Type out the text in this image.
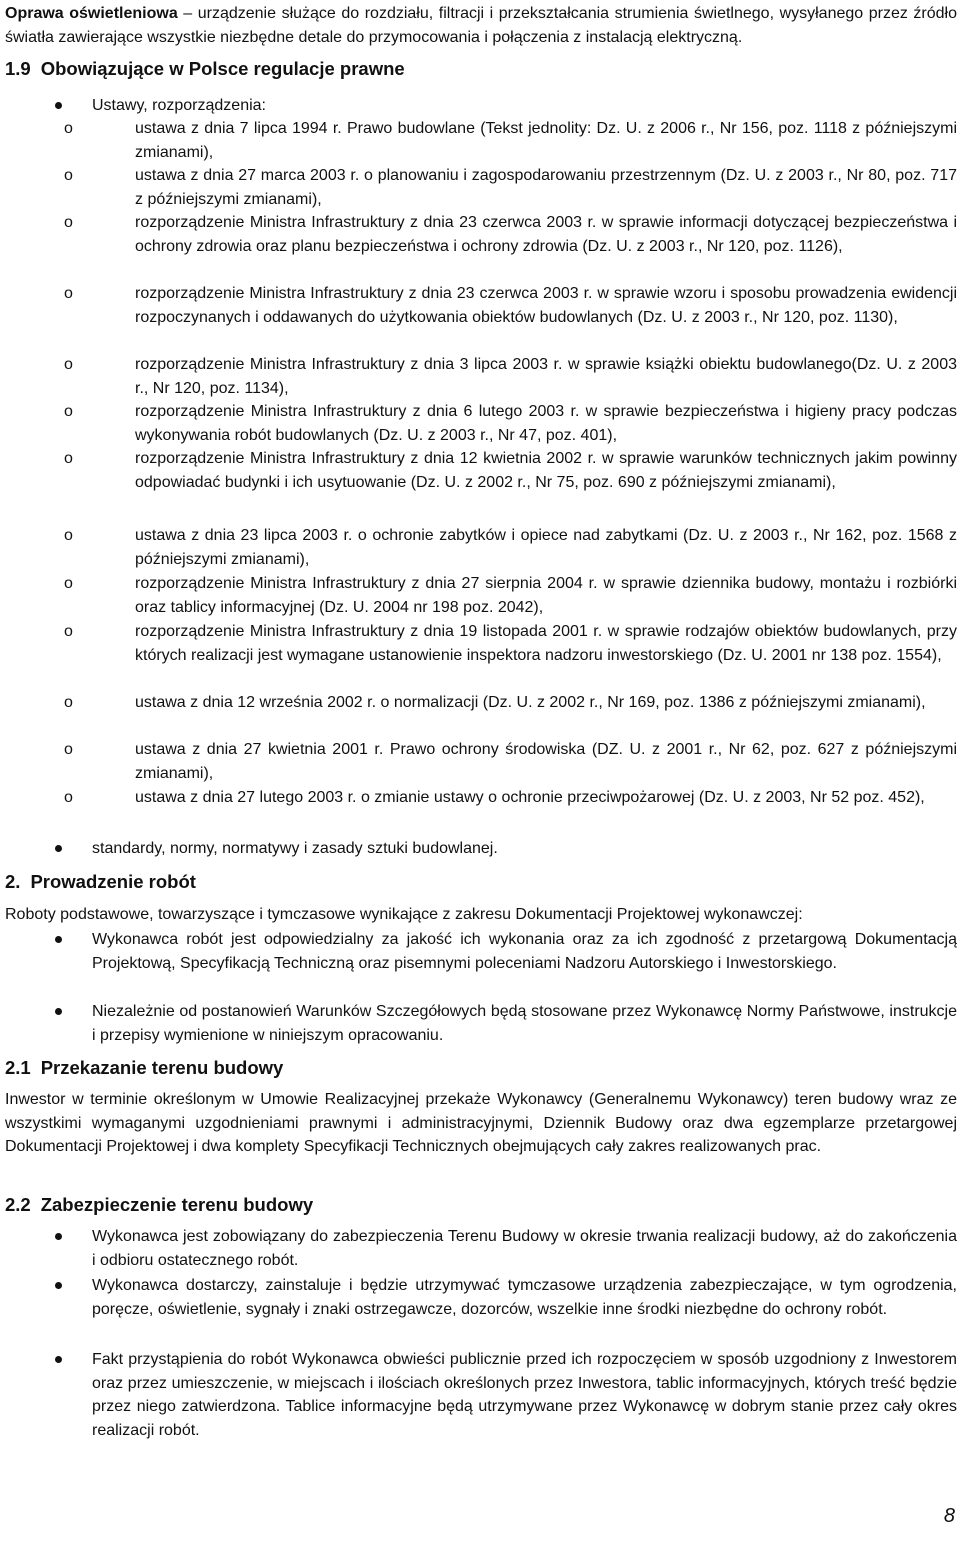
Oprawa oświetleniowa – urządzenie służące do rozdziału, filtracji i przekształcania strumienia świetlnego, wysyłanego przez źródło światła zawierające wszystkie niezbędne detale do przymocowania i połączenia z instalacją elektryczną.
1.9 Obowiązujące w Polsce regulacje prawne
Ustawy, rozporządzenia:
o	ustawa z dnia 7 lipca 1994 r. Prawo budowlane (Tekst jednolity: Dz. U. z 2006 r., Nr 156, poz. 1118 z późniejszymi zmianami),
o	ustawa z dnia 27 marca 2003 r. o planowaniu i zagospodarowaniu przestrzennym (Dz. U. z 2003 r., Nr 80, poz. 717 z późniejszymi zmianami),
o	rozporządzenie Ministra Infrastruktury z dnia 23 czerwca 2003 r. w sprawie informacji dotyczącej bezpieczeństwa i ochrony zdrowia oraz planu bezpieczeństwa i ochrony zdrowia (Dz. U. z 2003 r., Nr 120, poz. 1126),
o	rozporządzenie Ministra Infrastruktury z dnia 23 czerwca 2003 r. w sprawie wzoru i sposobu prowadzenia ewidencji rozpoczynanych i oddawanych do użytkowania obiektów budowlanych (Dz. U. z 2003 r., Nr 120, poz. 1130),
o	rozporządzenie Ministra Infrastruktury z dnia 3 lipca 2003 r. w sprawie książki obiektu budowlanego(Dz. U. z 2003 r., Nr 120, poz. 1134),
o	rozporządzenie Ministra Infrastruktury z dnia 6 lutego 2003 r. w sprawie bezpieczeństwa i higieny pracy podczas wykonywania robót budowlanych (Dz. U. z 2003 r., Nr 47, poz. 401),
o	rozporządzenie Ministra Infrastruktury z dnia 12 kwietnia 2002 r. w sprawie warunków technicznych jakim powinny odpowiadać budynki i ich usytuowanie (Dz. U. z 2002 r., Nr 75, poz. 690 z późniejszymi zmianami),
o	ustawa z dnia 23 lipca 2003 r. o ochronie zabytków i opiece nad zabytkami (Dz. U. z 2003 r., Nr 162, poz. 1568 z późniejszymi zmianami),
o	rozporządzenie Ministra Infrastruktury z dnia 27 sierpnia 2004 r. w sprawie dziennika budowy, montażu i rozbiórki oraz tablicy informacyjnej (Dz. U. 2004 nr 198 poz. 2042),
o	rozporządzenie Ministra Infrastruktury z dnia 19 listopada 2001 r. w sprawie rodzajów obiektów budowlanych, przy których realizacji jest wymagane ustanowienie inspektora nadzoru inwestorskiego (Dz. U. 2001 nr 138 poz. 1554),
o	ustawa z dnia 12 września 2002 r. o normalizacji (Dz. U. z 2002 r., Nr 169, poz. 1386 z późniejszymi zmianami),
o	ustawa z dnia 27 kwietnia 2001 r. Prawo ochrony środowiska (DZ. U. z 2001 r., Nr 62, poz. 627 z późniejszymi zmianami),
o	ustawa z dnia 27 lutego 2003 r. o zmianie ustawy o ochronie przeciwpożarowej (Dz. U. z 2003, Nr 52 poz. 452),
standardy, normy, normatywy i zasady sztuki budowlanej.
2. Prowadzenie robót
Roboty podstawowe, towarzyszące i tymczasowe wynikające z zakresu Dokumentacji Projektowej wykonawczej:
Wykonawca robót jest odpowiedzialny za jakość ich wykonania oraz za ich zgodność z przetargową Dokumentacją Projektową, Specyfikacją Techniczną oraz pisemnymi poleceniami Nadzoru Autorskiego i Inwestorskiego.
Niezależnie od postanowień Warunków Szczegółowych będą stosowane przez Wykonawcę Normy Państwowe, instrukcje i przepisy wymienione w niniejszym opracowaniu.
2.1 Przekazanie terenu budowy
Inwestor w terminie określonym w Umowie Realizacyjnej przekaże Wykonawcy (Generalnemu Wykonawcy) teren budowy wraz ze wszystkimi wymaganymi uzgodnieniami prawnymi i administracyjnymi, Dziennik Budowy oraz dwa egzemplarze przetargowej Dokumentacji Projektowej i dwa komplety Specyfikacji Technicznych obejmujących cały zakres realizowanych prac.
2.2 Zabezpieczenie terenu budowy
Wykonawca jest zobowiązany do zabezpieczenia Terenu Budowy w okresie trwania realizacji budowy, aż do zakończenia i odbioru ostatecznego robót.
Wykonawca dostarczy, zainstaluje i będzie utrzymywać tymczasowe urządzenia zabezpieczające, w tym ogrodzenia, poręcze, oświetlenie, sygnały i znaki ostrzegawcze, dozorców, wszelkie inne środki niezbędne do ochrony robót.
Fakt przystąpienia do robót Wykonawca obwieści publicznie przed ich rozpoczęciem w sposób uzgodniony z Inwestorem oraz przez umieszczenie, w miejscach i ilościach określonych przez Inwestora, tablic informacyjnych, których treść będzie przez niego zatwierdzona. Tablice informacyjne będą utrzymywane przez Wykonawcę w dobrym stanie przez cały okres realizacji robót.
8
